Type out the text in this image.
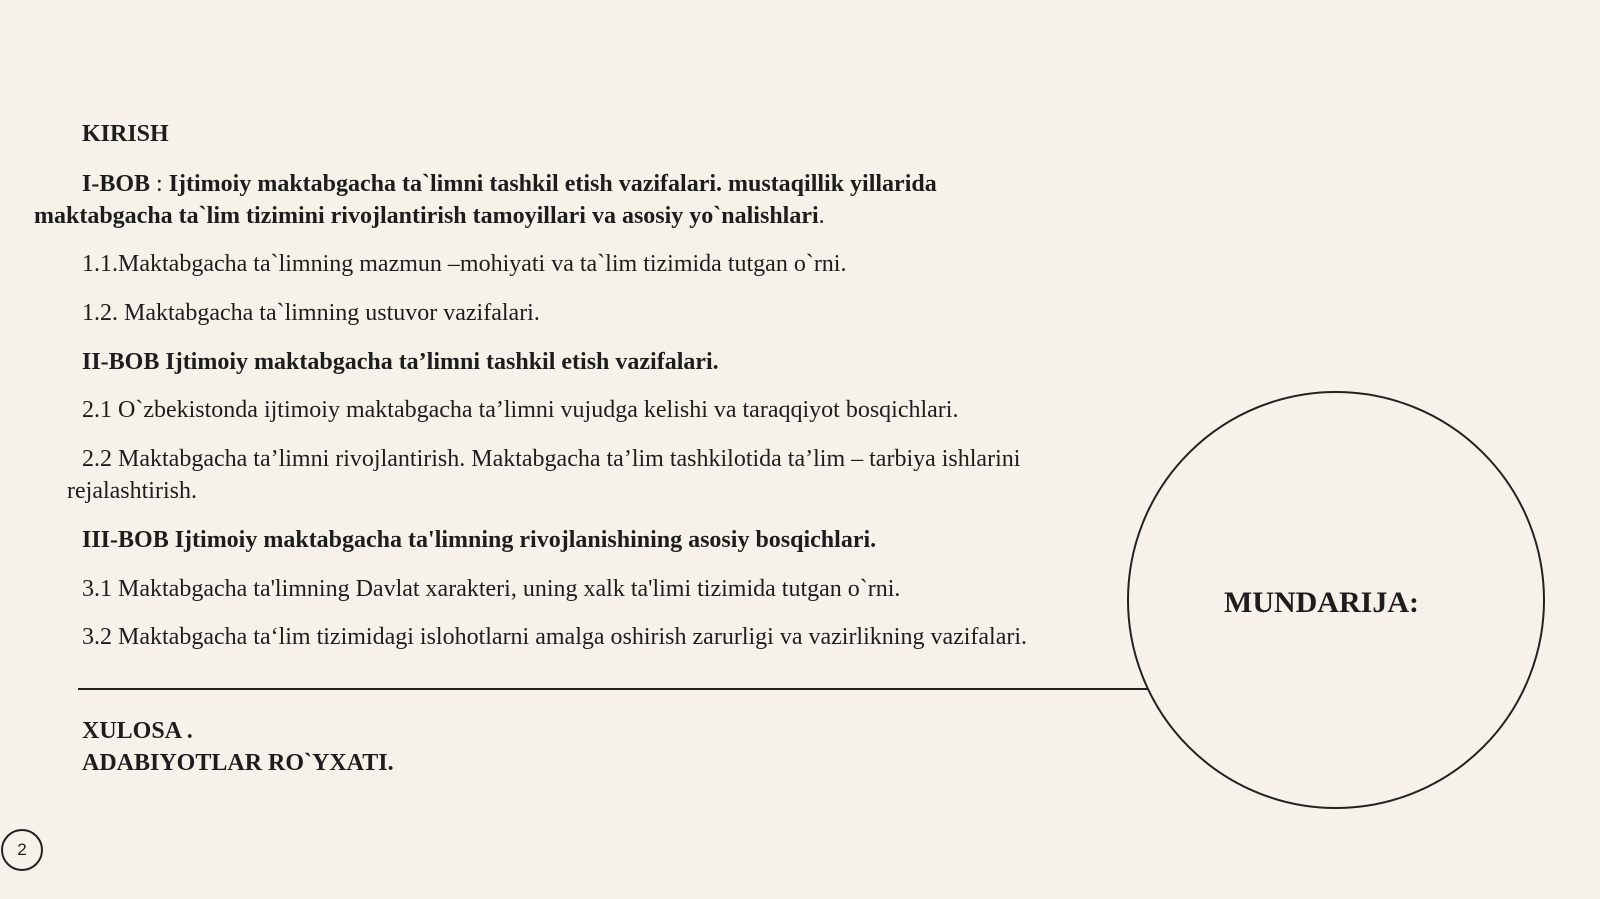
KIRISH
I-BOB : Ijtimoiy maktabgacha ta`limni tashkil etish vazifalari. mustaqillik yillarida
maktabgacha ta`lim tizimini rivojlantirish tamoyillari va asosiy yo`nalishlari.
1.1.Maktabgacha ta`limning mazmun –mohiyati va ta`lim tizimida tutgan o`rni.
1.2. Maktabgacha ta`limning ustuvor vazifalari.
II-BOB Ijtimoiy maktabgacha ta’limni tashkil etish vazifalari.
2.1 O`zbekistonda ijtimoiy maktabgacha ta’limni vujudga kelishi va taraqqiyot bosqichlari.
2.2 Maktabgacha ta’limni rivojlantirish. Maktabgacha ta’lim tashkilotida ta’lim – tarbiya ishlarini
rejalashtirish.
III-BOB Ijtimoiy maktabgacha ta'limning rivojlanishining asosiy bosqichlari.
3.1 Maktabgacha ta'limning Davlat xarakteri, uning xalk ta'limi tizimida tutgan o`rni.
3.2 Maktabgacha ta‘lim tizimidagi islohotlarni amalga oshirish zarurligi va vazirlikning vazifalari.
XULOSA .
ADABIYOTLAR RO`YXATI.
MUNDARIJA:
2
